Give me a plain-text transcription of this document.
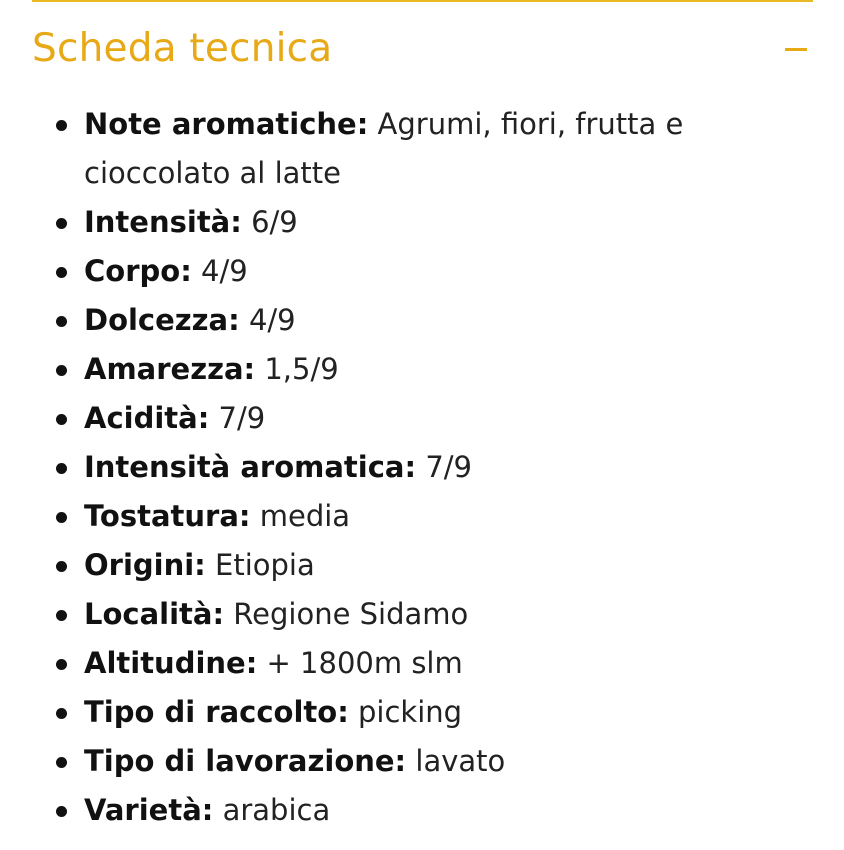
Scheda tecnica
Note aromatiche: Agrumi, fiori, frutta e cioccolato al latte
Intensità: 6/9
Corpo: 4/9
Dolcezza: 4/9
Amarezza: 1,5/9
Acidità: 7/9
Intensità aromatica: 7/9
Tostatura: media
Origini: Etiopia
Località: Regione Sidamo
Altitudine: + 1800m slm
Tipo di raccolto: picking
Tipo di lavorazione: lavato
Varietà: arabica
